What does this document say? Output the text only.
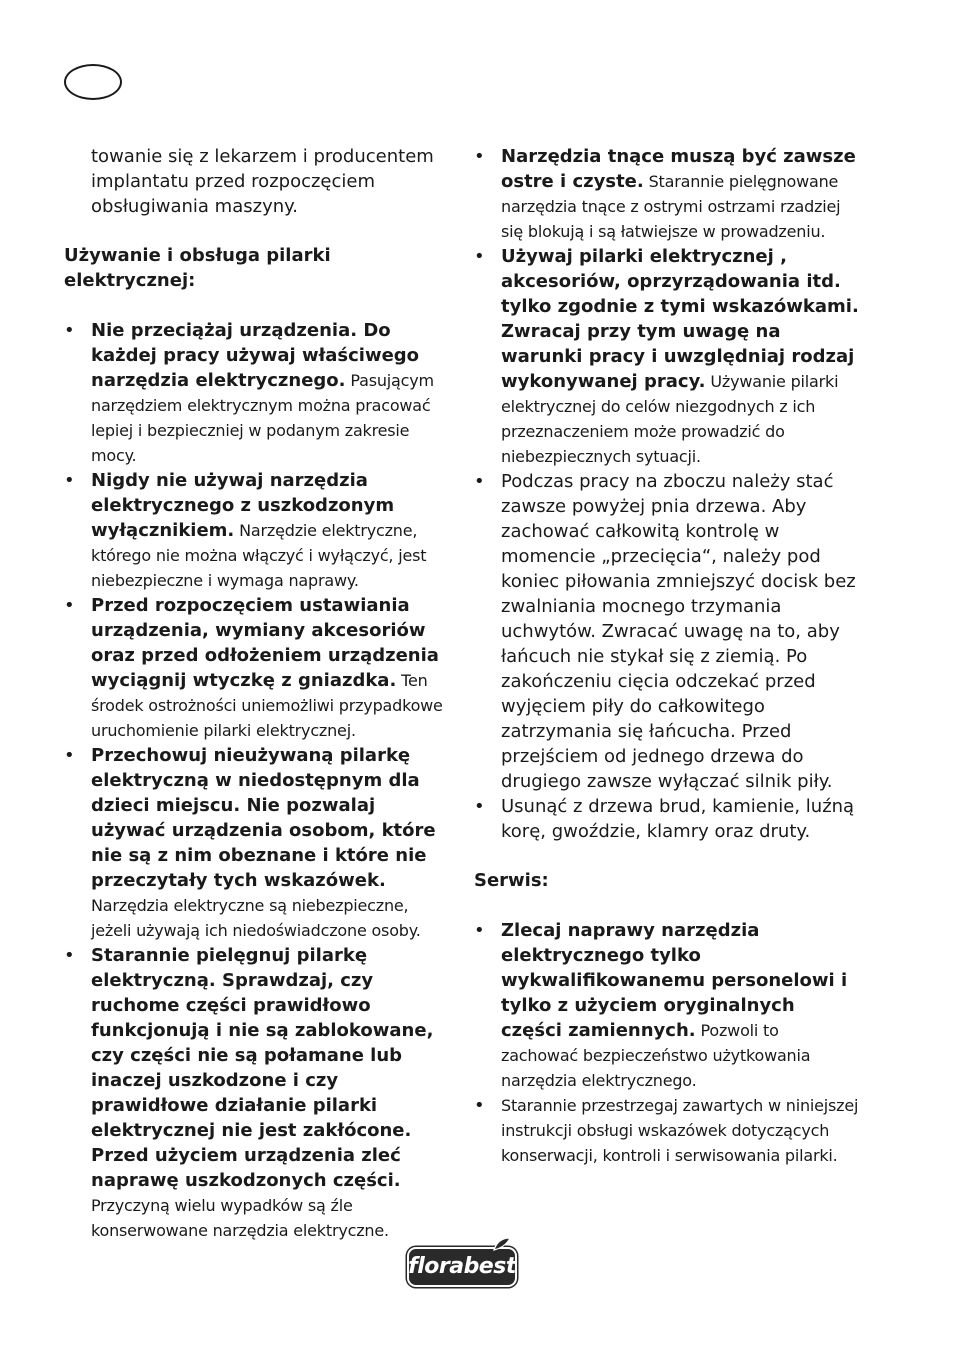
towanie się z lekarzem i producentem implantatu przed rozpoczęciem obsługiwania maszyny.

Używanie i obsługa pilarki elektrycznej:

• Nie przeciążaj urządzenia. Do każdej pracy używaj właściwego narzędzia elektrycznego. Pasującym narzędziem elektrycznym można pracować lepiej i bezpieczniej w podanym zakresie mocy.
• Nigdy nie używaj narzędzia elektrycznego z uszkodzonym wyłącznikiem. Narzędzie elektryczne, którego nie można włączyć i wyłączyć, jest niebezpieczne i wymaga naprawy.
• Przed rozpoczęciem ustawiania urządzenia, wymiany akcesoriów oraz przed odłożeniem urządzenia wyciągnij wtyczkę z gniazdka. Ten środek ostrożności uniemożliwi przypadkowe uruchomienie pilarki elektrycznej.
• Przechowuj nieużywaną pilarkę elektryczną w niedostępnym dla dzieci miejscu. Nie pozwalaj używać urządzenia osobom, które nie są z nim obeznane i które nie przeczytały tych wskazówek. Narzędzia elektryczne są niebezpieczne, jeżeli używają ich niedoświadczone osoby.
• Starannie pielęgnuj pilarkę elektryczną. Sprawdzaj, czy ruchome części prawidłowo funkcjonują i nie są zablokowane, czy części nie są połamane lub inaczej uszkodzone i czy prawidłowe działanie pilarki elektrycznej nie jest zakłócone. Przed użyciem urządzenia zleć naprawę uszkodzonych części. Przyczyną wielu wypadków są źle konserwowane narzędzia elektryczne.
• Narzędzia tnące muszą być zawsze ostre i czyste. Starannie pielęgnowane narzędzia tnące z ostrymi ostrzami rzadziej się blokują i są łatwiejsze w prowadzeniu.
• Używaj pilarki elektrycznej , akcesoriów, oprzyrządowania itd. tylko zgodnie z tymi wskazówkami. Zwracaj przy tym uwagę na warunki pracy i uwzględniaj rodzaj wykonywanej pracy. Używanie pilarki elektrycznej do celów niezgodnych z ich przeznaczeniem może prowadzić do niebezpiecznych sytuacji.
• Podczas pracy na zboczu należy stać zawsze powyżej pnia drzewa. Aby zachować całkowitą kontrolę w momencie „przecięcia“, należy pod koniec piłowania zmniejszyć docisk bez zwalniania mocnego trzymania uchwytów. Zwracać uwagę na to, aby łańcuch nie stykał się z ziemią. Po zakończeniu cięcia odczekać przed wyjęciem piły do całkowitego zatrzymania się łańcucha. Przed przejściem od jednego drzewa do drugiego zawsze wyłączać silnik piły.
• Usunąć z drzewa brud, kamienie, luźną korę, gwoździe, klamry oraz druty.

Serwis:

• Zlecaj naprawy narzędzia elektrycznego tylko wykwalifikowanemu personelowi i tylko z użyciem oryginalnych części zamiennych. Pozwoli to zachować bezpieczeństwo użytkowania narzędzia elektrycznego.
• Starannie przestrzegaj zawartych w niniejszej instrukcji obsługi wskazówek dotyczących konserwacji, kontroli i serwisowania pilarki.
florabest
